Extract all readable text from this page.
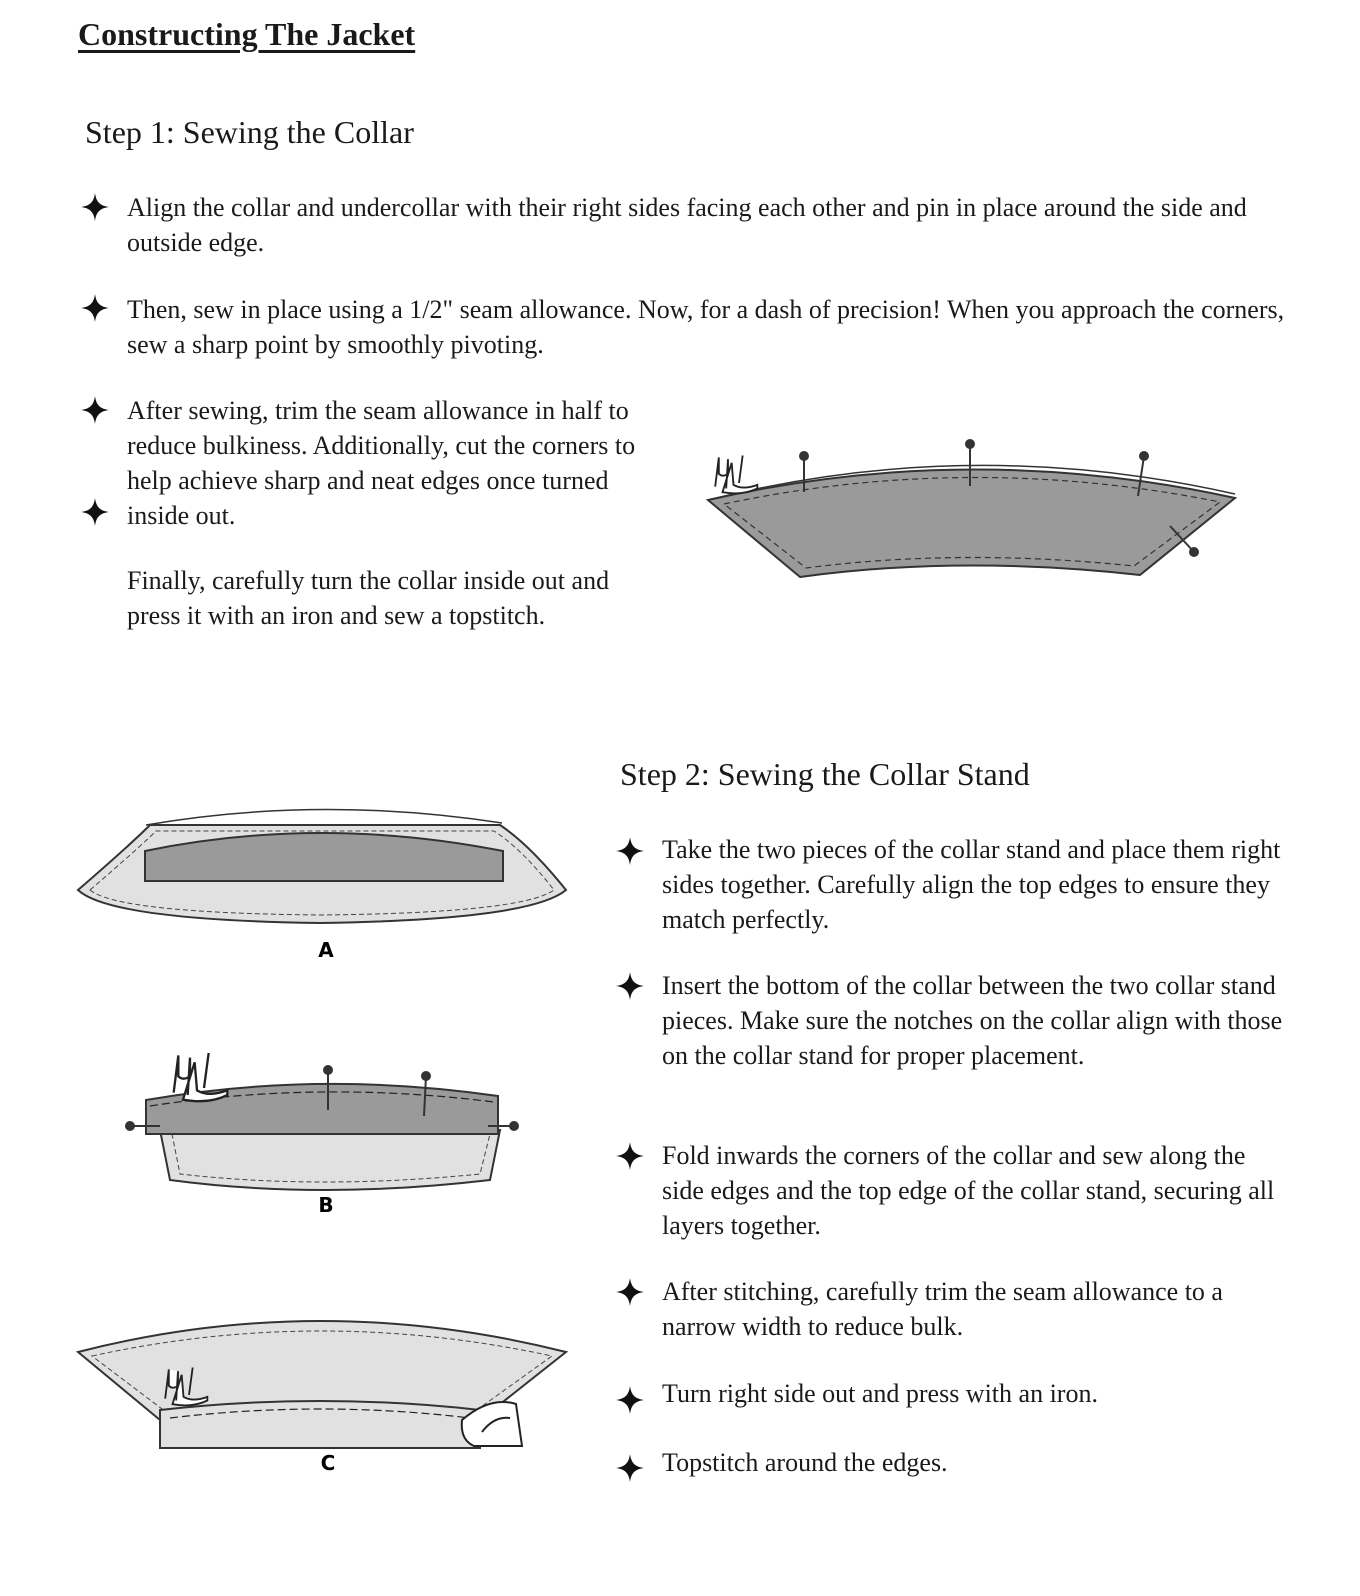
Constructing The Jacket
Step 1: Sewing the Collar
Align the collar and undercollar with their right sides facing each other and pin in place around the side and outside edge.
Then, sew in place using a 1/2" seam allowance. Now, for a dash of precision! When you approach the corners, sew a sharp point by smoothly pivoting.
After sewing, trim the seam allowance in half to reduce bulkiness. Additionally, cut the corners to help achieve sharp and neat edges once turned inside out.
Finally, carefully turn the collar inside out and press it with an iron and sew a topstitch.
A
B
C
Step 2: Sewing the Collar Stand
Take the two pieces of the collar stand and place them right sides together. Carefully align the top edges to ensure they match perfectly.
Insert the bottom of the collar between the two collar stand pieces. Make sure the notches on the collar align with those on the collar stand for proper placement.
Fold inwards the corners of the collar and sew along the side edges and the top edge of the collar stand, securing all layers together.
After stitching, carefully trim the seam allowance to a narrow width to reduce bulk.
Turn right side out and press with an iron.
Topstitch around the edges.
